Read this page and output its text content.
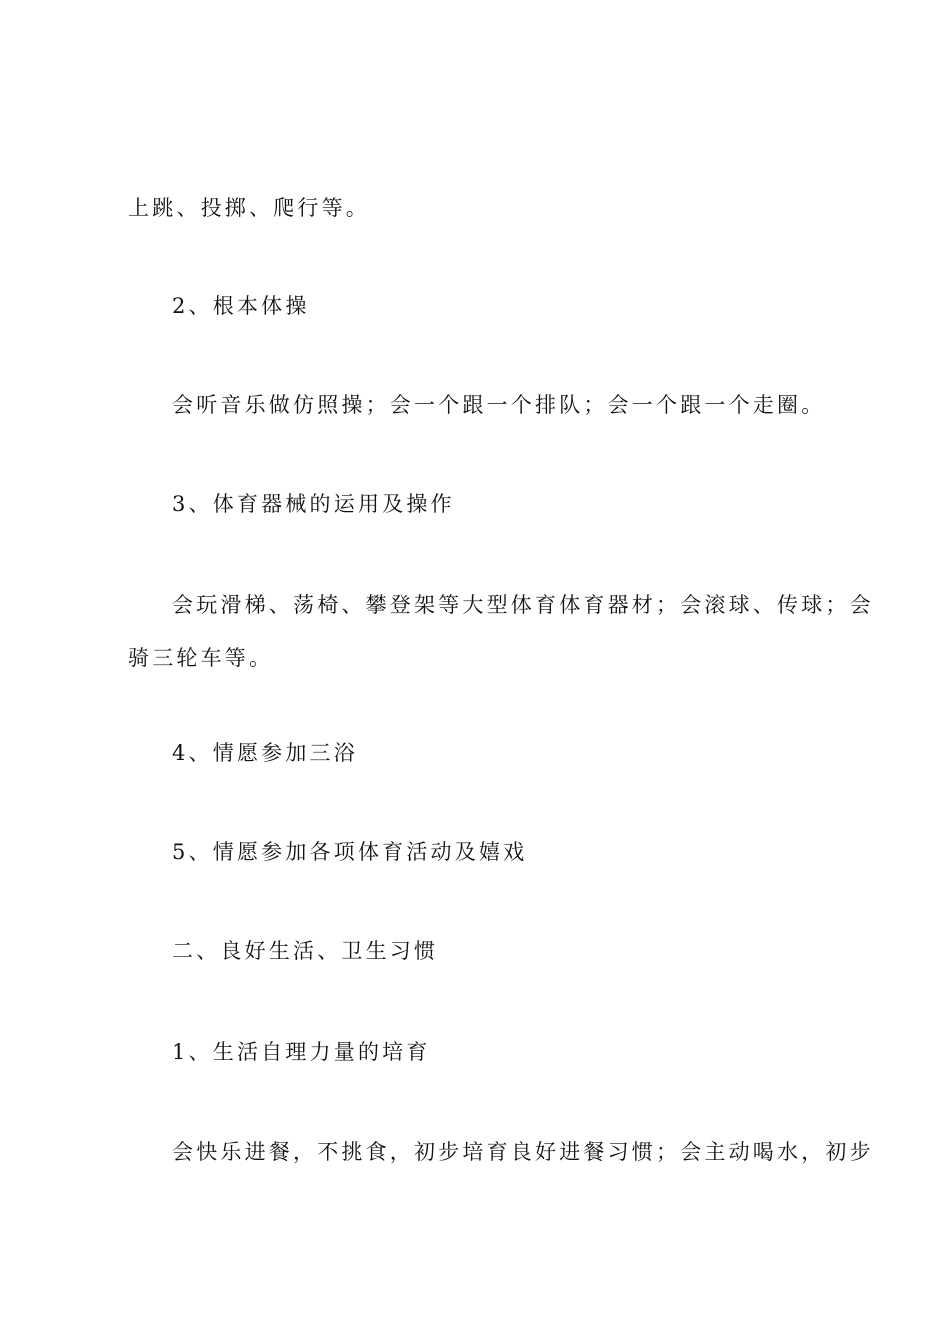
上跳、投掷、爬行等。
2、根本体操
会听音乐做仿照操；会一个跟一个排队；会一个跟一个走圈。
3、体育器械的运用及操作
会玩滑梯、荡椅、攀登架等大型体育体育器材；会滚球、传球；会
骑三轮车等。
4、情愿参加三浴
5、情愿参加各项体育活动及嬉戏
二、良好生活、卫生习惯
1、生活自理力量的培育
会快乐进餐，不挑食，初步培育良好进餐习惯；会主动喝水，初步
